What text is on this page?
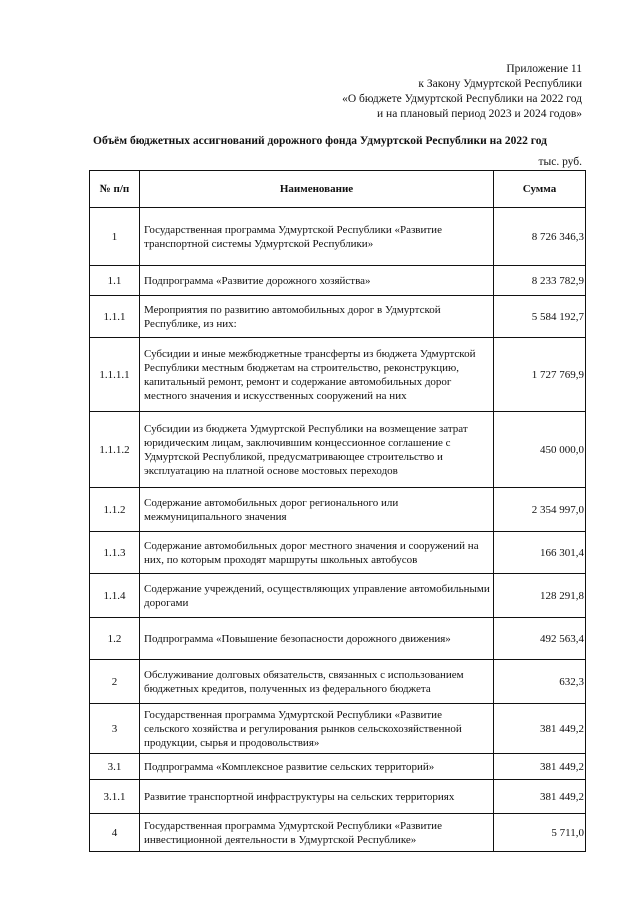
Приложение 11
к Закону Удмуртской Республики
«О бюджете Удмуртской Республики на 2022 год
и на плановый период 2023 и 2024 годов»
Объём бюджетных ассигнований дорожного фонда Удмуртской Республики на 2022 год
тыс. руб.
№ п/п	Наименование	Сумма
1	Государственная программа Удмуртской Республики «Развитие транспортной системы Удмуртской Республики»	8 726 346,3
1.1	Подпрограмма «Развитие дорожного хозяйства»	8 233 782,9
1.1.1	Мероприятия по развитию автомобильных дорог в Удмуртской Республике, из них:	5 584 192,7
1.1.1.1	Субсидии и иные межбюджетные трансферты из бюджета Удмуртской Республики местным бюджетам на строительство, реконструкцию, капитальный ремонт, ремонт и содержание автомобильных дорог местного значения и искусственных сооружений на них	1 727 769,9
1.1.1.2	Субсидии из бюджета Удмуртской Республики на возмещение затрат юридическим лицам, заключившим концессионное соглашение с Удмуртской Республикой, предусматривающее строительство и эксплуатацию на платной основе мостовых переходов	450 000,0
1.1.2	Содержание автомобильных дорог регионального или межмуниципального значения	2 354 997,0
1.1.3	Содержание автомобильных дорог местного значения и сооружений на них, по которым проходят маршруты школьных автобусов	166 301,4
1.1.4	Содержание учреждений, осуществляющих управление автомобильными дорогами	128 291,8
1.2	Подпрограмма «Повышение безопасности дорожного движения»	492 563,4
2	Обслуживание долговых обязательств, связанных с использованием бюджетных кредитов, полученных из федерального бюджета	632,3
3	Государственная программа Удмуртской Республики «Развитие сельского хозяйства и регулирования рынков сельскохозяйственной продукции, сырья и продовольствия»	381 449,2
3.1	Подпрограмма «Комплексное развитие сельских территорий»	381 449,2
3.1.1	Развитие транспортной инфраструктуры на сельских территориях	381 449,2
4	Государственная программа Удмуртской Республики «Развитие инвестиционной деятельности в Удмуртской Республике»	5 711,0
